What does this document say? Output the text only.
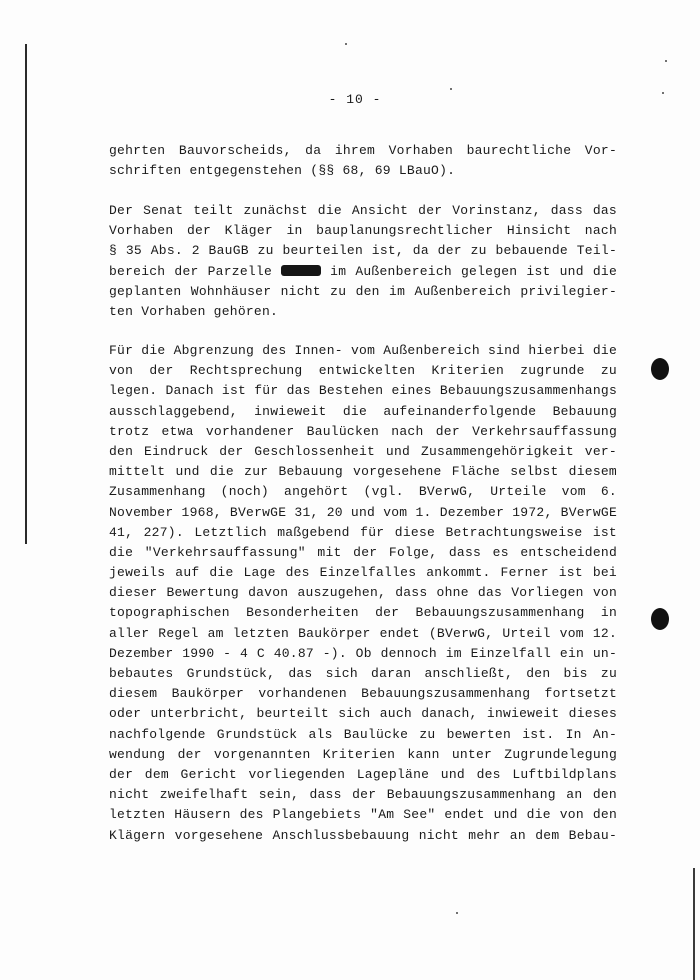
- 10 -
gehrten Bauvorscheids, da ihrem Vorhaben baurechtliche Vor-
schriften entgegenstehen (§§ 68, 69 LBauO).
Der Senat teilt zunächst die Ansicht der Vorinstanz, dass das
Vorhaben der Kläger in bauplanungsrechtlicher Hinsicht nach
§ 35 Abs. 2 BauGB zu beurteilen ist, da der zu bebauende Teil-
bereich der Parzelle	im Außenbereich gelegen ist und die
geplanten Wohnhäuser nicht zu den im Außenbereich privilegier-
ten Vorhaben gehören.
Für die Abgrenzung des Innen- vom Außenbereich sind hierbei die
von der Rechtsprechung entwickelten Kriterien zugrunde zu
legen. Danach ist für das Bestehen eines Bebauungszusammenhangs
ausschlaggebend, inwieweit die aufeinanderfolgende Bebauung
trotz etwa vorhandener Baulücken nach der Verkehrsauffassung
den Eindruck der Geschlossenheit und Zusammengehörigkeit ver-
mittelt und die zur Bebauung vorgesehene Fläche selbst diesem
Zusammenhang (noch) angehört (vgl. BVerwG, Urteile vom 6.
November 1968, BVerwGE 31, 20 und vom 1. Dezember 1972, BVerwGE
41, 227). Letztlich maßgebend für diese Betrachtungsweise ist
die "Verkehrsauffassung" mit der Folge, dass es entscheidend
jeweils auf die Lage des Einzelfalles ankommt. Ferner ist bei
dieser Bewertung davon auszugehen, dass ohne das Vorliegen von
topographischen Besonderheiten der Bebauungszusammenhang in
aller Regel am letzten Baukörper endet (BVerwG, Urteil vom 12.
Dezember 1990 - 4 C 40.87 -). Ob dennoch im Einzelfall ein un-
bebautes Grundstück, das sich daran anschließt, den bis zu
diesem Baukörper vorhandenen Bebauungszusammenhang fortsetzt
oder unterbricht, beurteilt sich auch danach, inwieweit dieses
nachfolgende Grundstück als Baulücke zu bewerten ist. In An-
wendung der vorgenannten Kriterien kann unter Zugrundelegung
der dem Gericht vorliegenden Lagepläne und des Luftbildplans
nicht zweifelhaft sein, dass der Bebauungszusammenhang an den
letzten Häusern des Plangebiets "Am See" endet und die von den
Klägern vorgesehene Anschlussbebauung nicht mehr an dem Bebau-
